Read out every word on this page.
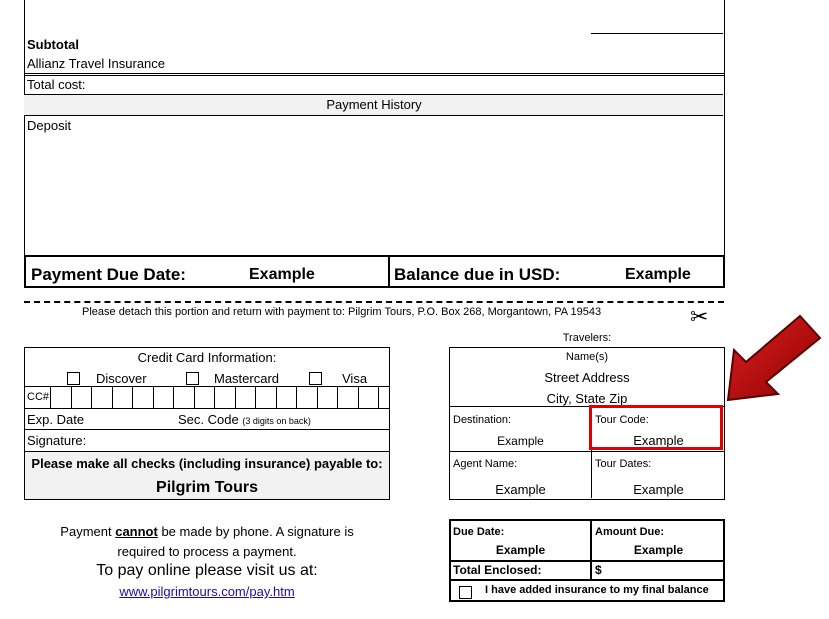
Subtotal
Allianz Travel Insurance
Total cost:
Payment History
Deposit
Payment Due Date:	Example	Balance due in USD:	Example
Please detach this portion and return with payment to: Pilgrim Tours, P.O. Box 268, Morgantown, PA 19543	✂
Credit Card Information:
Discover	Mastercard	Visa
CC#
Exp. Date	Sec. Code (3 digits on back)
Signature:
Please make all checks (including insurance) payable to:
Pilgrim Tours
Payment cannot be made by phone. A signature is
required to process a payment.
To pay online please visit us at:
www.pilgrimtours.com/pay.htm
Travelers:
Name(s)
Street Address
City, State Zip
Destination:
Example
Tour Code:
Example
Agent Name:
Example
Tour Dates:
Example
Due Date:
Example
Amount Due:
Example
Total Enclosed:	$
I have added insurance to my final balance
